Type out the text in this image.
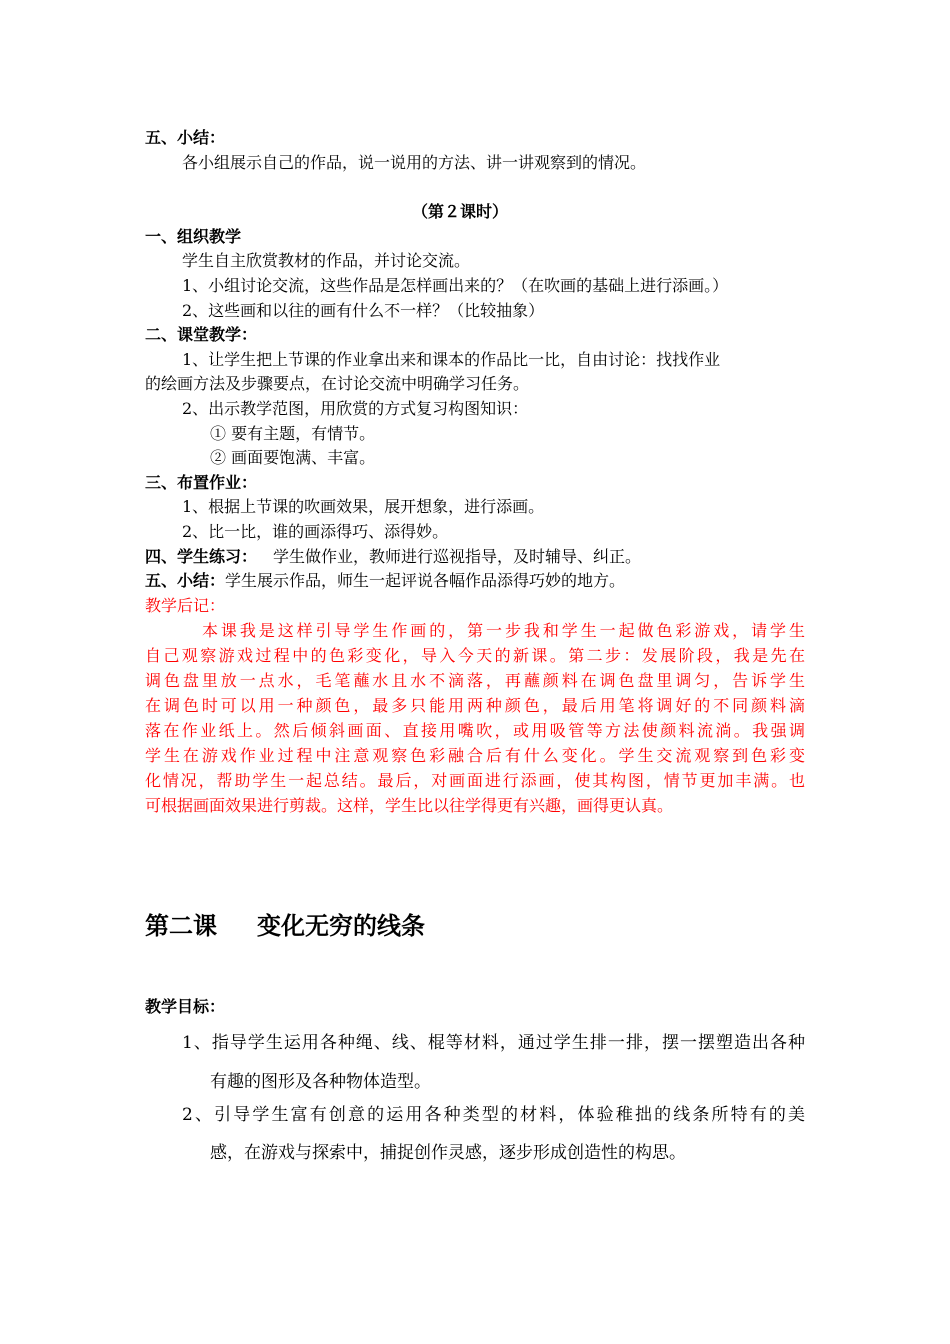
五、小结：
各小组展示自己的作品，说一说用的方法、讲一讲观察到的情况。
（第２课时）
一、组织教学
学生自主欣赏教材的作品，并讨论交流。
1、小组讨论交流，这些作品是怎样画出来的？（在吹画的基础上进行添画。）
2、这些画和以往的画有什么不一样？（比较抽象）
二、课堂教学：
1、让学生把上节课的作业拿出来和课本的作品比一比，自由讨论：找找作业
的绘画方法及步骤要点，在讨论交流中明确学习任务。
2、出示教学范图，用欣赏的方式复习构图知识：
① 要有主题，有情节。
② 画面要饱满、丰富。
三、布置作业：
1、根据上节课的吹画效果，展开想象，进行添画。
2、比一比，谁的画添得巧、添得妙。
四、学生练习： 学生做作业，教师进行巡视指导，及时辅导、纠正。
五、小结：学生展示作品，师生一起评说各幅作品添得巧妙的地方。
教学后记：
本课我是这样引导学生作画的，第一步我和学生一起做色彩游戏，请学生
自己观察游戏过程中的色彩变化，导入今天的新课。第二步：发展阶段，我是先在
调色盘里放一点水，毛笔蘸水且水不滴落，再蘸颜料在调色盘里调匀，告诉学生
在调色时可以用一种颜色，最多只能用两种颜色，最后用笔将调好的不同颜料滴
落在作业纸上。然后倾斜画面、直接用嘴吹，或用吸管等方法使颜料流淌。我强调
学生在游戏作业过程中注意观察色彩融合后有什么变化。学生交流观察到色彩变
化情况，帮助学生一起总结。最后，对画面进行添画，使其构图，情节更加丰满。也
可根据画面效果进行剪裁。这样，学生比以往学得更有兴趣，画得更认真。
第二课 变化无穷的线条
教学目标：
1、指导学生运用各种绳、线、棍等材料，通过学生排一排，摆一摆塑造出各种
有趣的图形及各种物体造型。
2、引导学生富有创意的运用各种类型的材料，体验稚拙的线条所特有的美
感，在游戏与探索中，捕捉创作灵感，逐步形成创造性的构思。
